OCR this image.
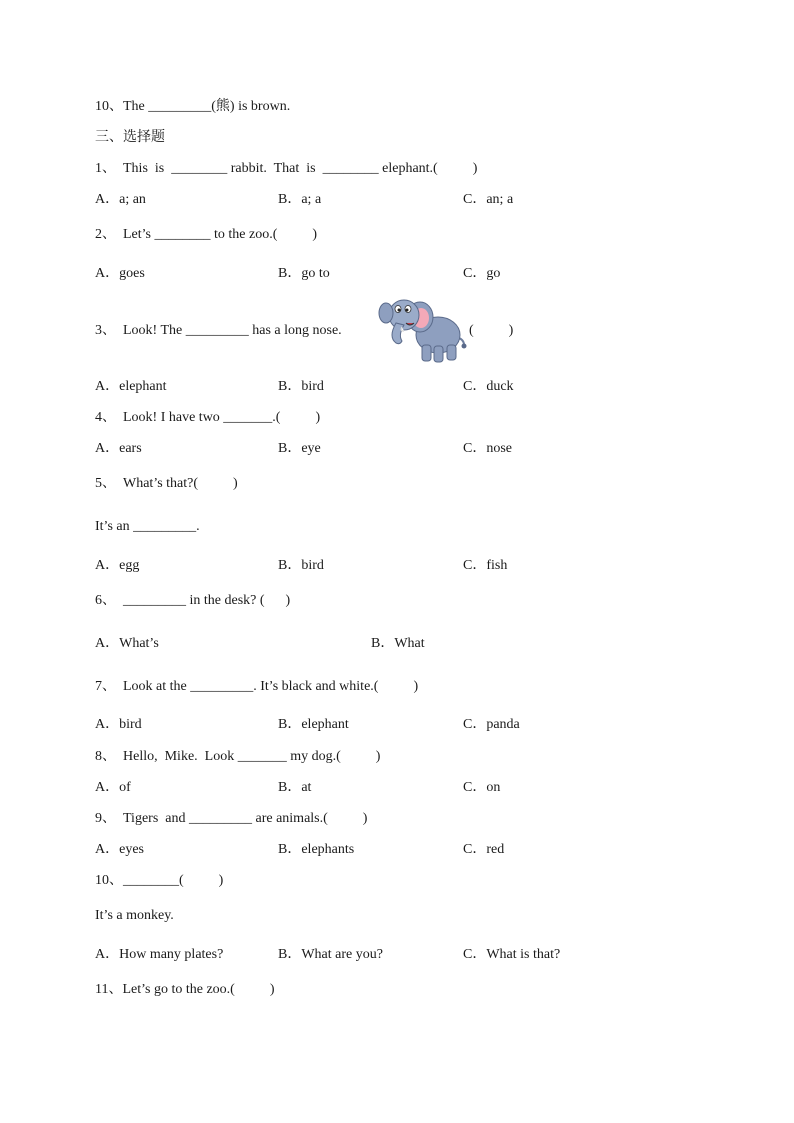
10、The _________(熊) is brown.
三、选择题
1、  This  is  ________ rabbit.  That  is  ________ elephant.(          )
A．a; an	B．a; a	C．an; a
2、  Let’s ________ to the zoo.(          )
A．goes	B．go to	C．go
3、  Look! The _________ has a long nose.	(          )
A．elephant	B．bird	C．duck
4、  Look! I have two _______.(          )
A．ears	B．eye	C．nose
5、  What’s that?(          )
It’s an _________.
A．egg	B．bird	C．fish
6、  _________ in the desk? (      )
A．What’s	B．What
7、  Look at the _________. It’s black and white.(          )
A．bird	B．elephant	C．panda
8、  Hello,  Mike.  Look _______ my dog.(          )
A．of	B．at	C．on
9、  Tigers  and _________ are animals.(          )
A．eyes	B．elephants	C．red
10、________(          )
It’s a monkey.
A．How many plates?	B．What are you?	C．What is that?
11、Let’s go to the zoo.(          )
